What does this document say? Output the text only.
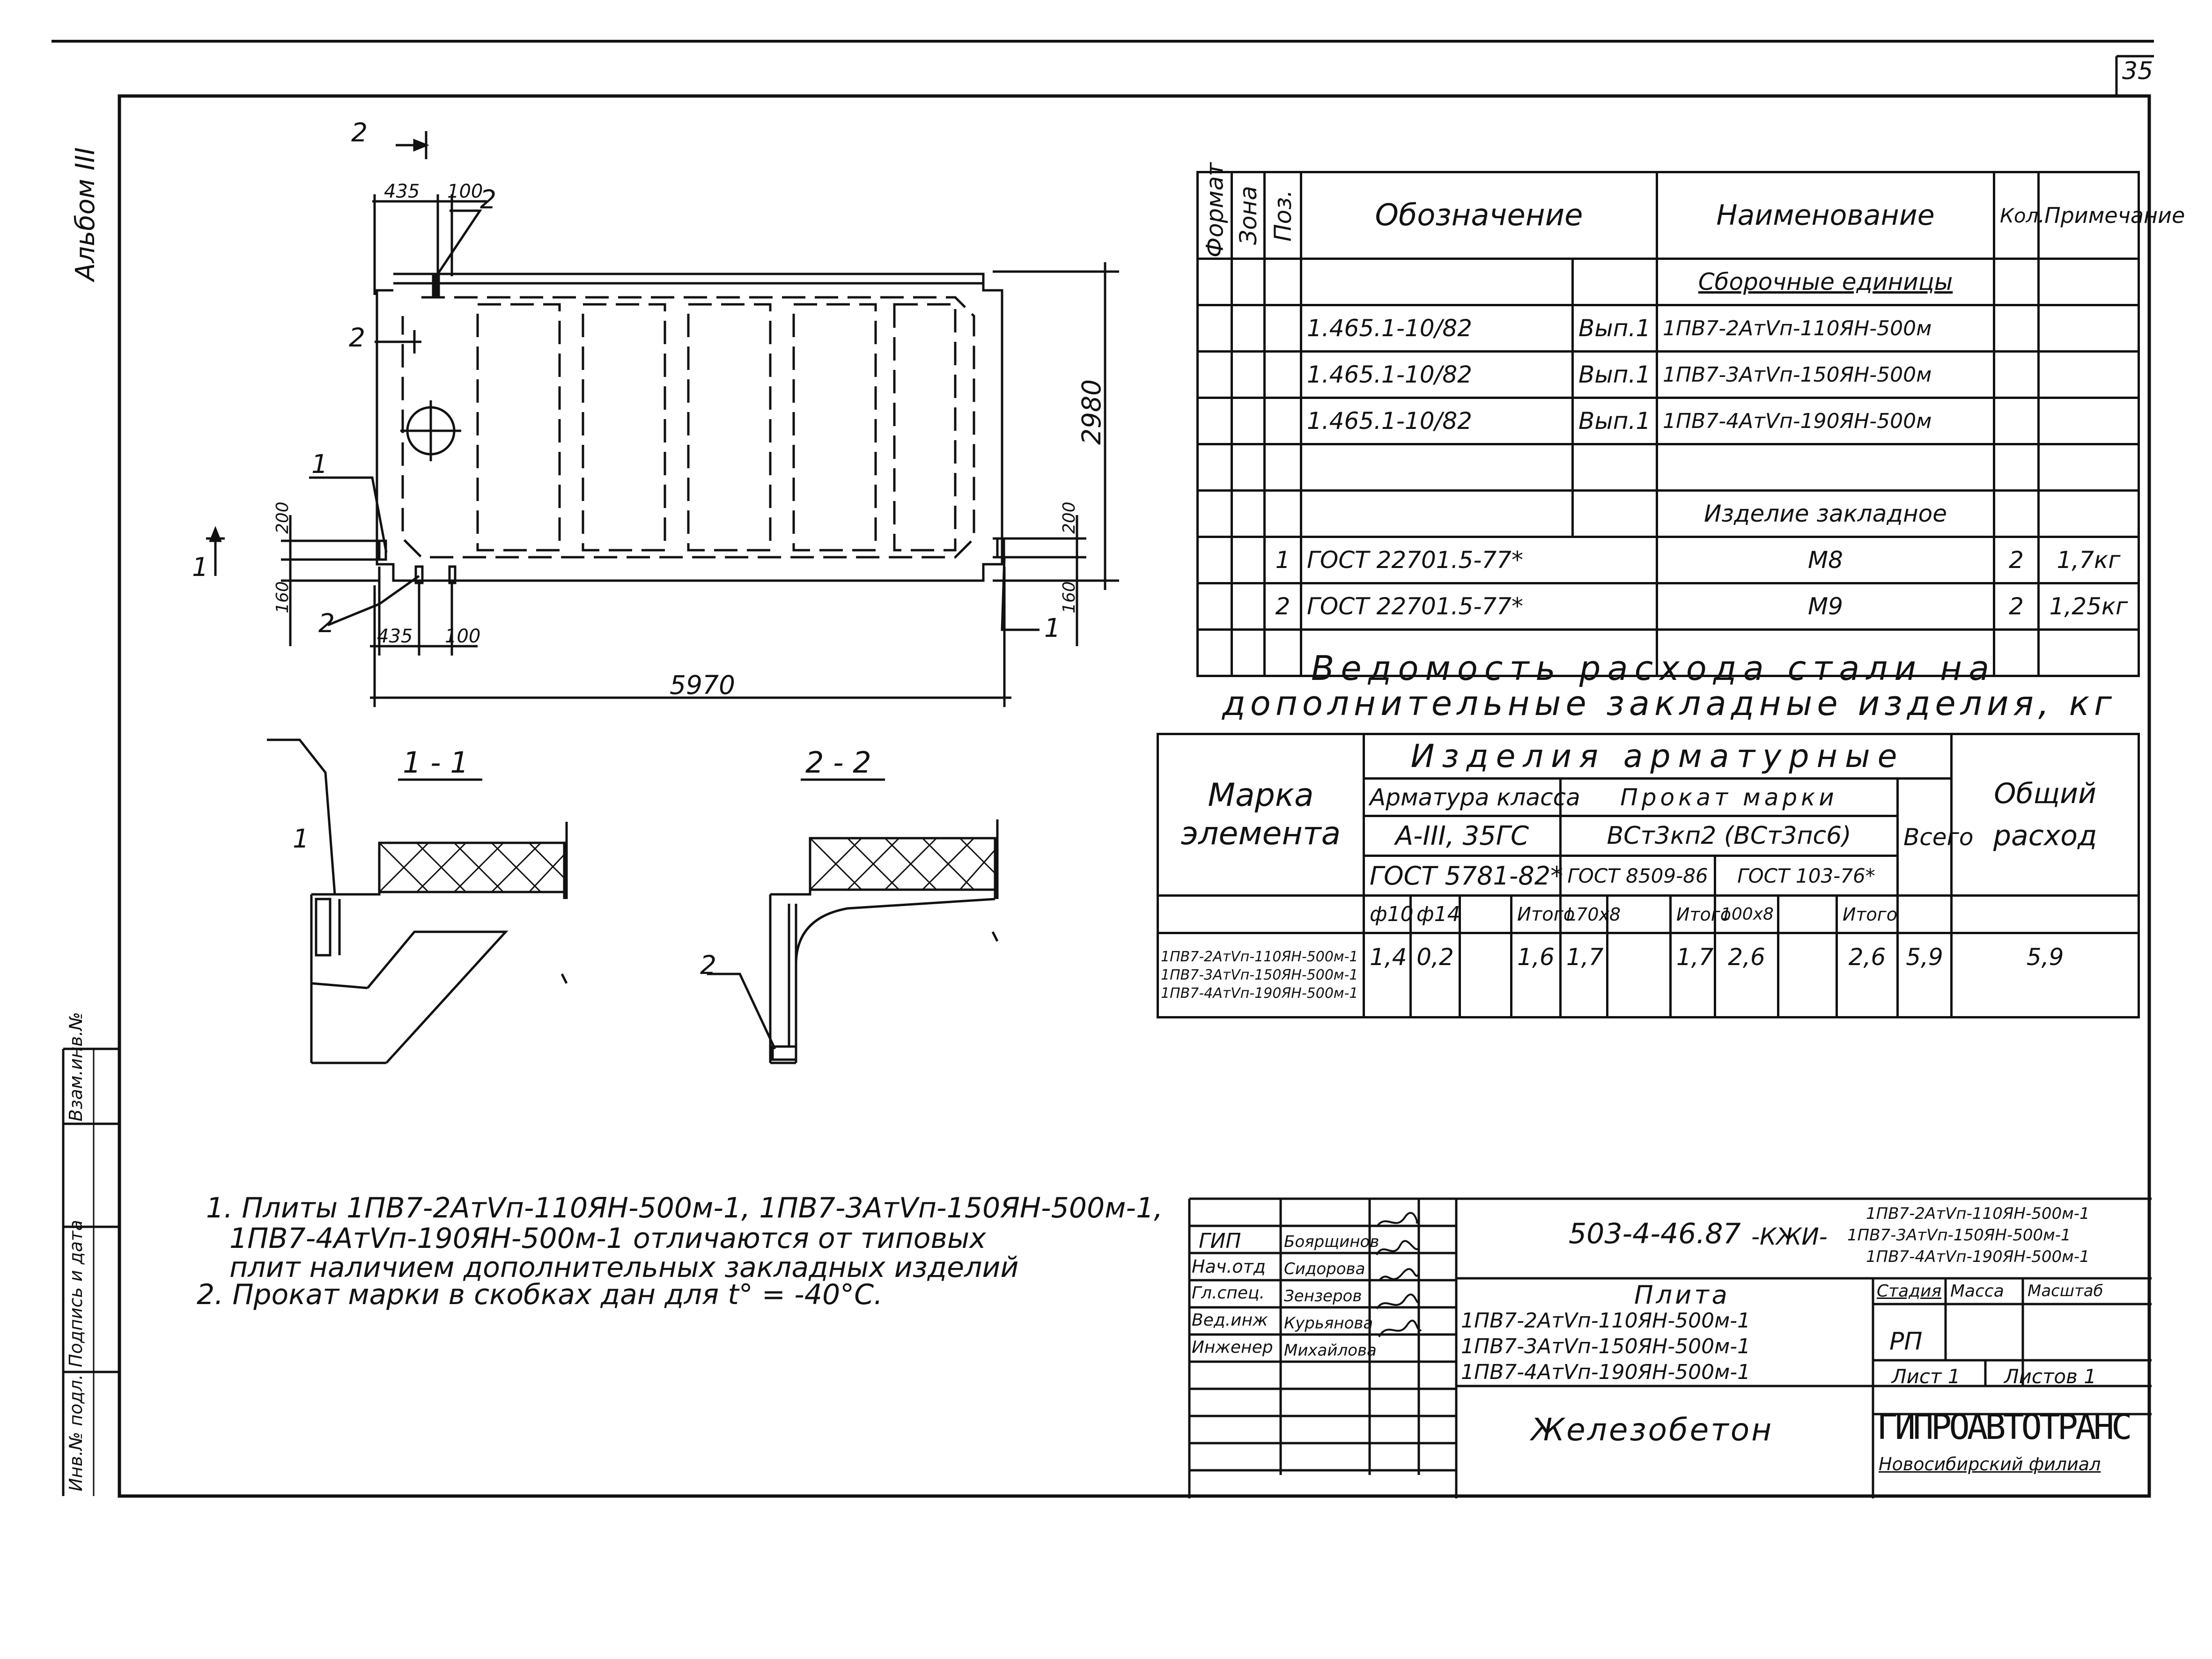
35
Альбом III
Взам.инв.№
Подпись и дата
Инв.№ подл.
2
1
2
435 100
2
1
2	1
435 100
5970
2980
200
160
200
160
1 - 1	2 - 2
1
2
Формат	Зона	Поз.	Обозначение		Наименование	Кол.	Примечание
					Сборочные единицы		
			1.465.1-10/82	Вып.1	1ПВ7-2АтVп-110ЯН-500м		
			1.465.1-10/82	Вып.1	1ПВ7-3АтVп-150ЯН-500м		
			1.465.1-10/82	Вып.1	1ПВ7-4АтVп-190ЯН-500м		

					Изделие закладное		
		1	ГОСТ 22701.5-77*		М8	2	1,7кг
		2	ГОСТ 22701.5-77*		М9	2	1,25кг

Ведомость расхода стали на
дополнительные закладные изделия, кг
Марка элемента	Изделия арматурные											Общий расход
	Арматура класса				Прокат марки						Всего	
	А-III, 35ГС				ВСт3кп2 (ВСт3пс6)							
	ГОСТ 5781-82*				ГОСТ 8509-86			ГОСТ 103-76*				
	ф10	ф14		Итого	L70x8		Итого	100x8		Итого		

1ПВ7-2АтVп-110ЯН-500м-1
1ПВ7-3АтVп-150ЯН-500м-1
1ПВ7-4АтVп-190ЯН-500м-1	1,4	0,2		1,6	1,7		1,7	2,6		2,6	5,9	5,9
1. Плиты 1ПВ7-2АтVп-110ЯН-500м-1, 1ПВ7-3АтVп-150ЯН-500м-1,
1ПВ7-4АтVп-190ЯН-500м-1 отличаются от типовых
плит наличием дополнительных закладных изделий
2. Прокат марки в скобках дан для t° = -40°С.
ГИП	Боярщинов
Нач.отд Сидорова
Гл.спец. Зензеров
Вед.инж Курьянова
Инженер Михайлова
503-4-46.87 -КЖИ-
1ПВ7-2АтVп-110ЯН-500м-1
1ПВ7-3АтVп-150ЯН-500м-1
1ПВ7-4АтVп-190ЯН-500м-1
Плита
1ПВ7-2АтVп-110ЯН-500м-1
1ПВ7-3АтVп-150ЯН-500м-1
1ПВ7-4АтVп-190ЯН-500м-1
Стадия Масса Масштаб
РП
Лист 1 Листов 1
Железобетон	ГИПРОАВТОТРАНС
Новосибирский филиал
